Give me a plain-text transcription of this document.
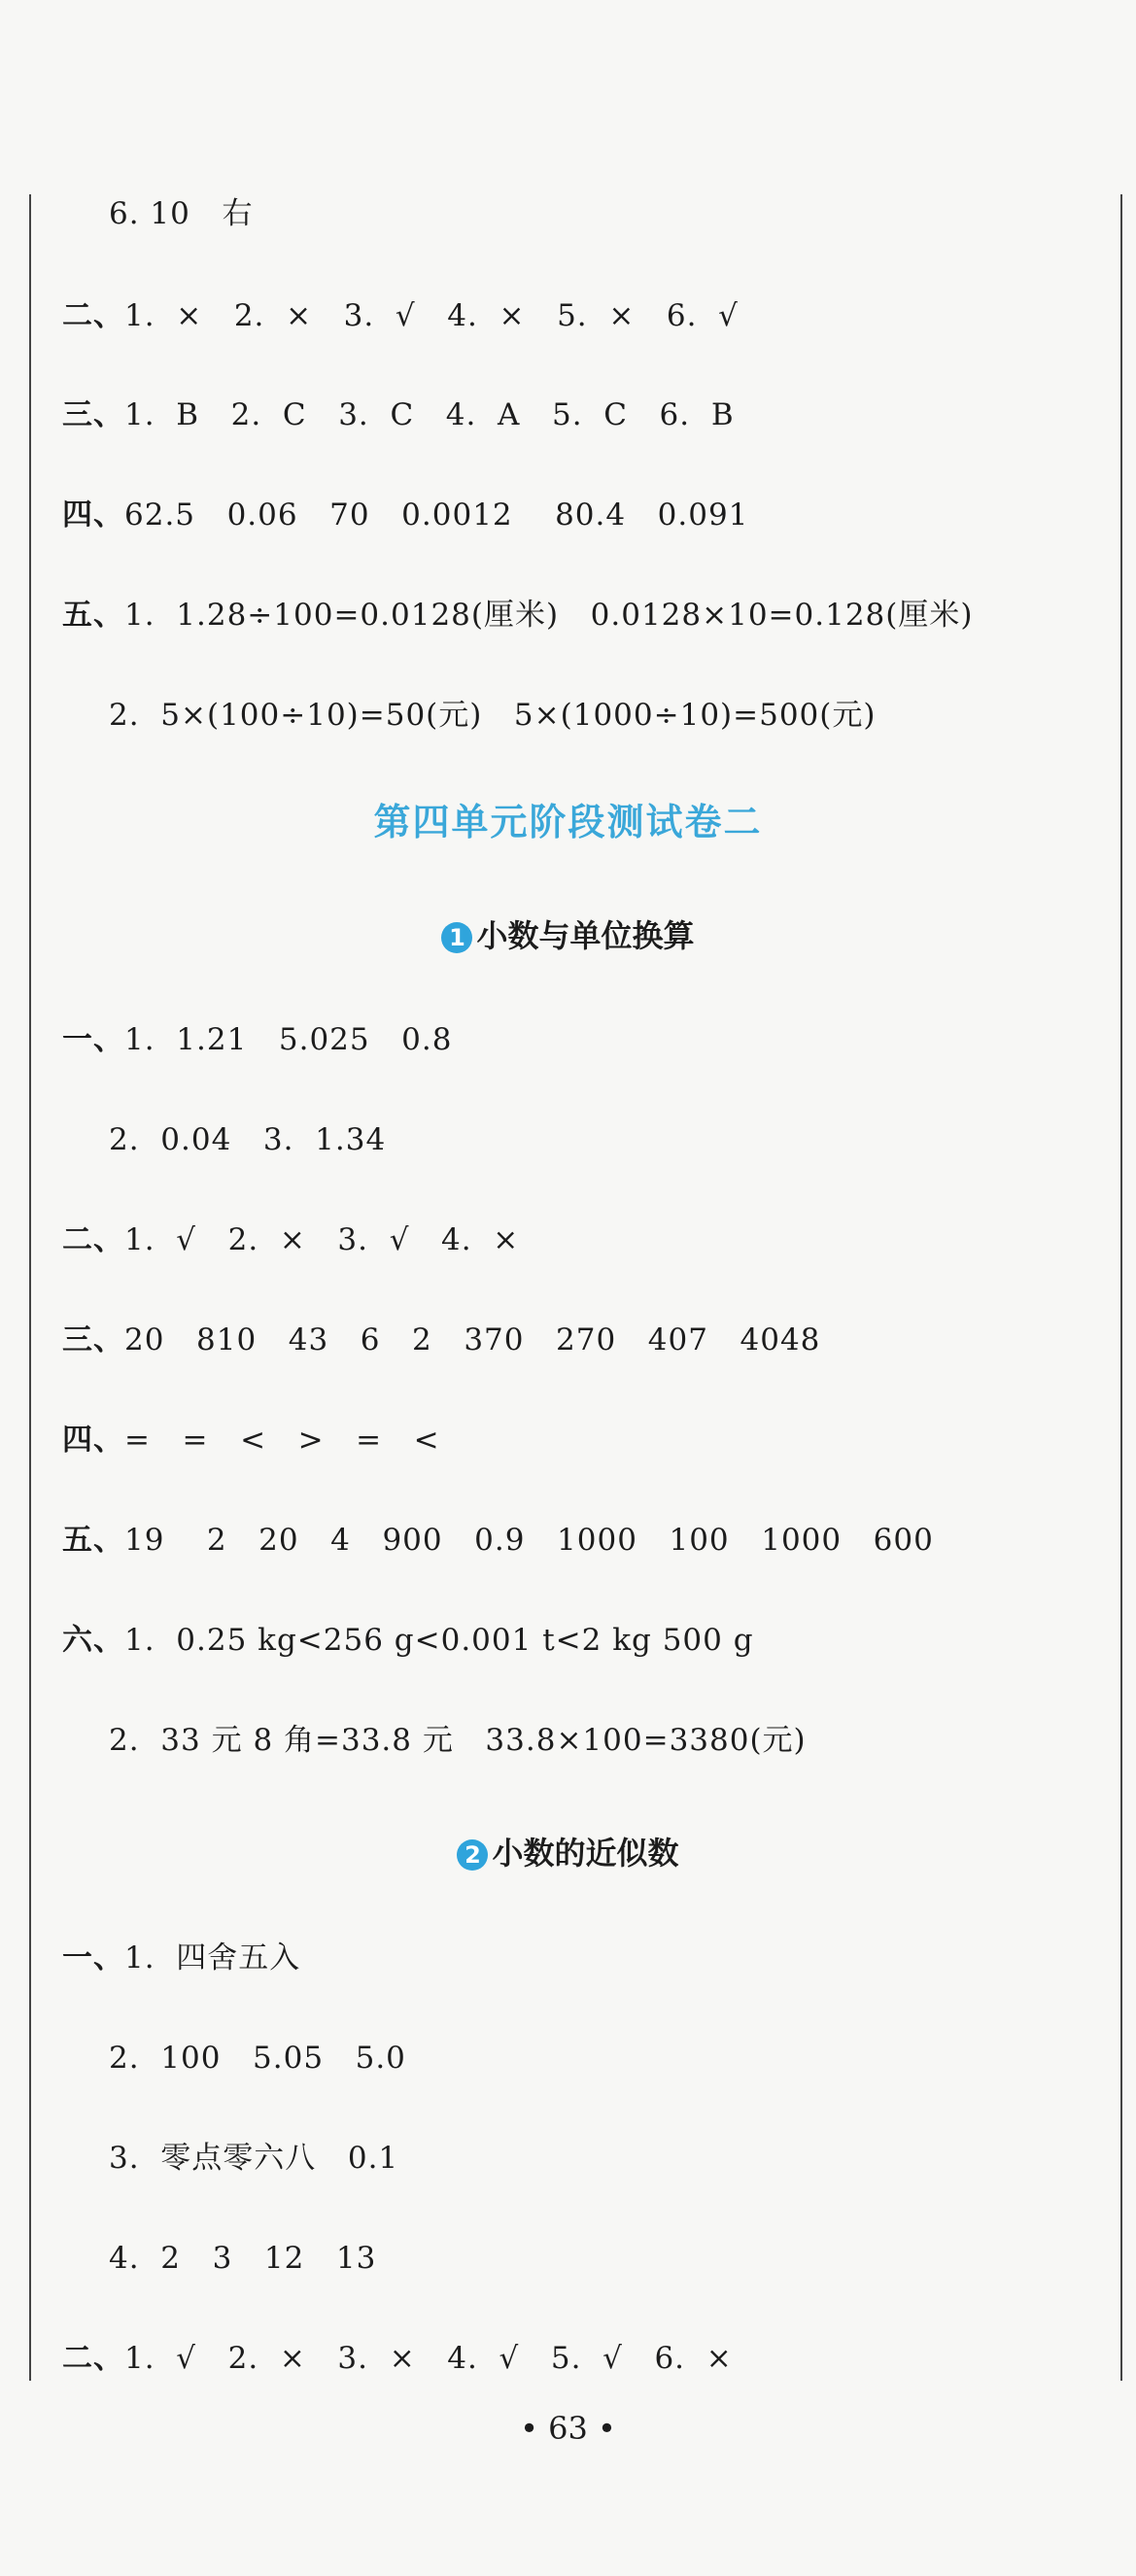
6. 10   右
二、1.  ×   2.  ×   3.  √   4.  ×   5.  ×   6.  √
三、1.  B   2.  C   3.  C   4.  A   5.  C   6.  B
四、62.5   0.06   70   0.0012    80.4   0.091
五、1.  1.28÷100=0.0128(厘米)   0.0128×10=0.128(厘米)
2.  5×(100÷10)=50(元)   5×(1000÷10)=500(元)
第四单元阶段测试卷二
1 小数与单位换算
一、1.  1.21   5.025   0.8
2.  0.04   3.  1.34
二、1.  √   2.  ×   3.  √   4.  ×
三、20   810   43   6   2   370   270   407   4048
四、=   =   <   >   =   <
五、19    2   20   4   900   0.9   1000   100   1000   600
六、1.  0.25 kg<256 g<0.001 t<2 kg 500 g
2.  33 元 8 角=33.8 元   33.8×100=3380(元)
2 小数的近似数
一、1.  四舍五入
2.  100   5.05   5.0
3.  零点零六八   0.1
4.  2   3   12   13
二、1.  √   2.  ×   3.  ×   4.  √   5.  √   6.  ×
• 63 •
